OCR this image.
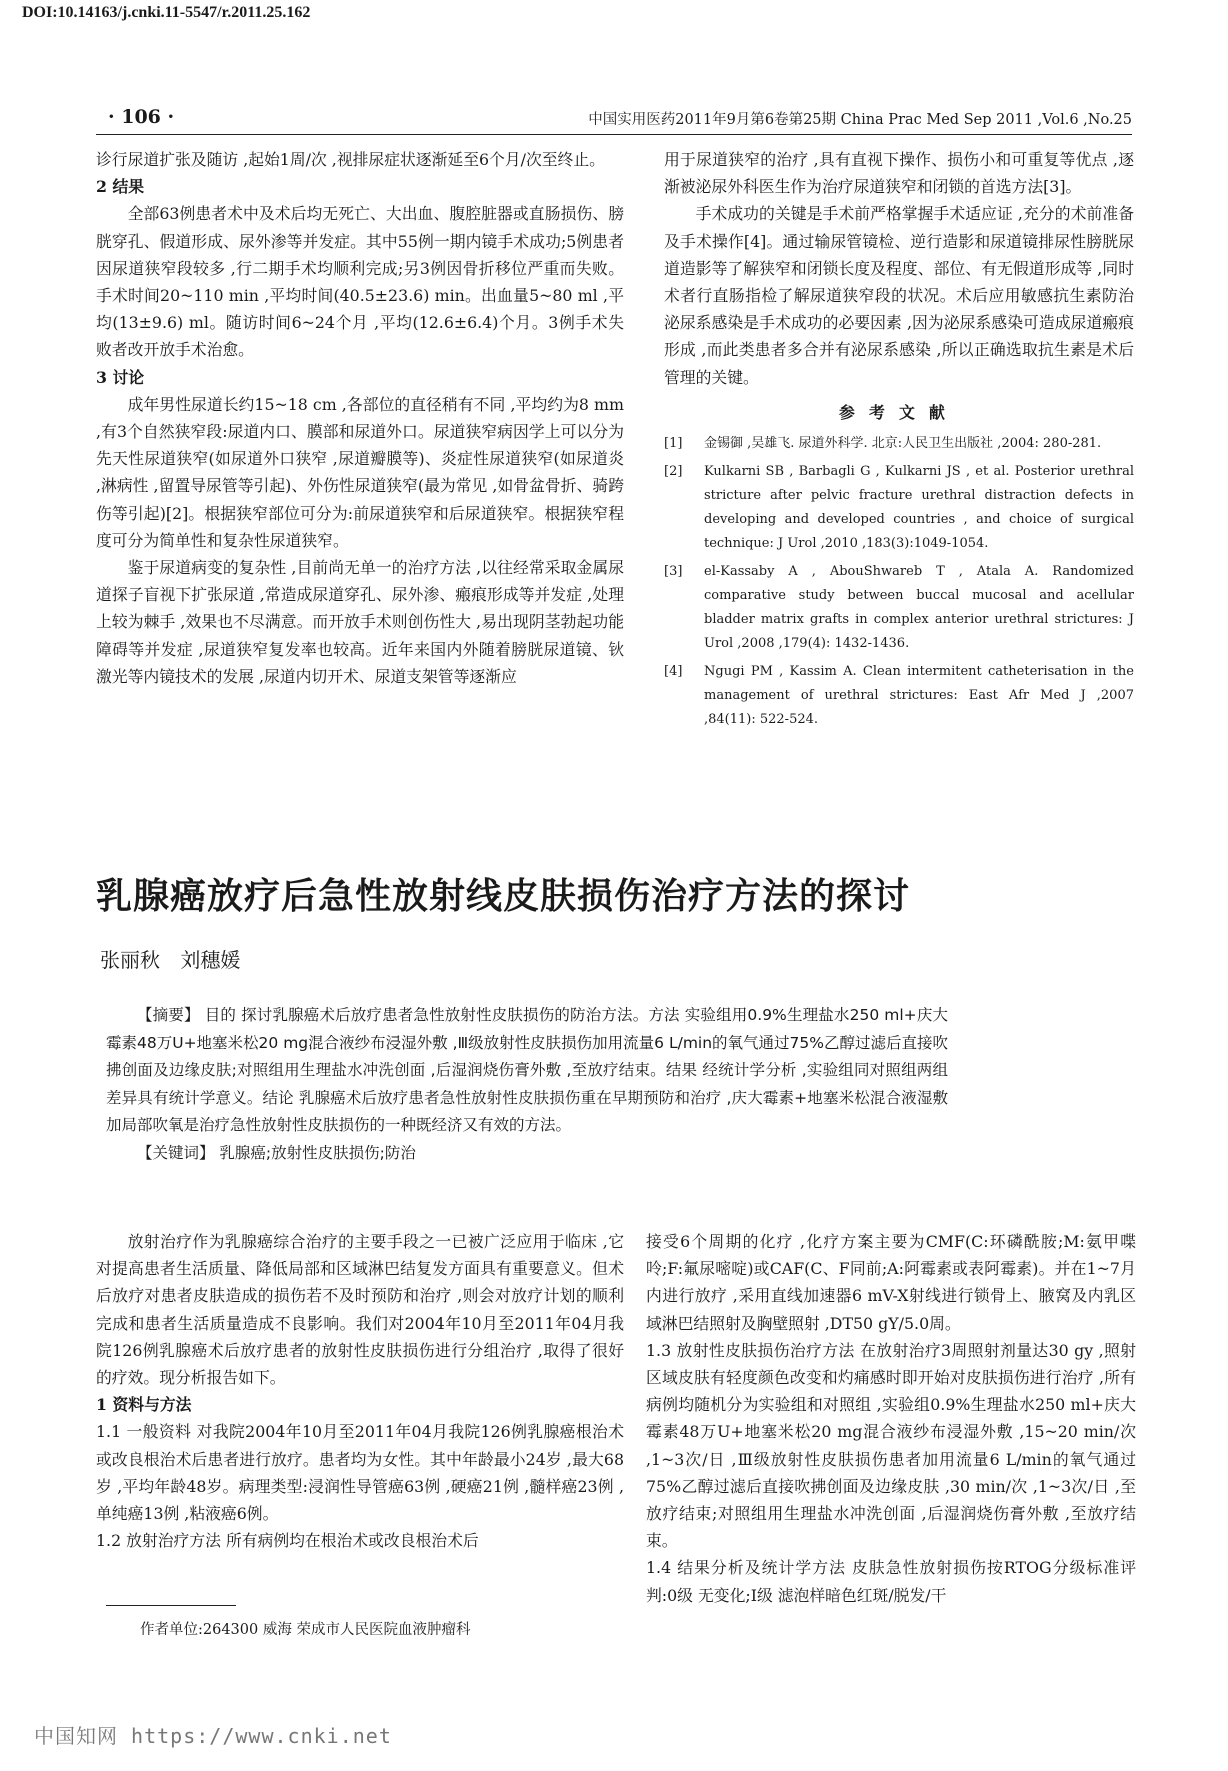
DOI:10.14163/j.cnki.11-5547/r.2011.25.162
· 106 ·	中国实用医药2011年9月第6卷第25期 China Prac Med Sep 2011 ,Vol.6 ,No.25

诊行尿道扩张及随访 ,起始1周/次 ,视排尿症状逐渐延至6个月/次至终止。

2 结果

全部63例患者术中及术后均无死亡、大出血、腹腔脏器或直肠损伤、膀胱穿孔、假道形成、尿外渗等并发症。其中55例一期内镜手术成功;5例患者因尿道狭窄段较多 ,行二期手术均顺利完成;另3例因骨折移位严重而失败。手术时间20~110 min ,平均时间(40.5±23.6) min。出血量5~80 ml ,平均(13±9.6) ml。随访时间6~24个月 ,平均(12.6±6.4)个月。3例手术失败者改开放手术治愈。

3 讨论

成年男性尿道长约15~18 cm ,各部位的直径稍有不同 ,平均约为8 mm ,有3个自然狭窄段:尿道内口、膜部和尿道外口。尿道狭窄病因学上可以分为先天性尿道狭窄(如尿道外口狭窄 ,尿道瓣膜等)、炎症性尿道狭窄(如尿道炎 ,淋病性 ,留置导尿管等引起)、外伤性尿道狭窄(最为常见 ,如骨盆骨折、骑跨伤等引起)[2]。根据狭窄部位可分为:前尿道狭窄和后尿道狭窄。根据狭窄程度可分为简单性和复杂性尿道狭窄。

鉴于尿道病变的复杂性 ,目前尚无单一的治疗方法 ,以往经常采取金属尿道探子盲视下扩张尿道 ,常造成尿道穿孔、尿外渗、瘢痕形成等并发症 ,处理上较为棘手 ,效果也不尽满意。而开放手术则创伤性大 ,易出现阴茎勃起功能障碍等并发症 ,尿道狭窄复发率也较高。近年来国内外随着膀胱尿道镜、钬激光等内镜技术的发展 ,尿道内切开术、尿道支架管等逐渐应

用于尿道狭窄的治疗 ,具有直视下操作、损伤小和可重复等优点 ,逐渐被泌尿外科医生作为治疗尿道狭窄和闭锁的首选方法[3]。

手术成功的关键是手术前严格掌握手术适应证 ,充分的术前准备及手术操作[4]。通过输尿管镜检、逆行造影和尿道镜排尿性膀胱尿道造影等了解狭窄和闭锁长度及程度、部位、有无假道形成等 ,同时术者行直肠指检了解尿道狭窄段的状况。术后应用敏感抗生素防治泌尿系感染是手术成功的必要因素 ,因为泌尿系感染可造成尿道瘢痕形成 ,而此类患者多合并有泌尿系感染 ,所以正确选取抗生素是术后管理的关键。

参考文献

[1]	金锡御 ,吴雄飞. 尿道外科学. 北京:人民卫生出版社 ,2004: 280-281.
[2]	Kulkarni SB , Barbagli G , Kulkarni JS , et al. Posterior urethral stricture after pelvic fracture urethral distraction defects in developing and developed countries , and choice of surgical technique: J Urol ,2010 ,183(3):1049-1054.
[3]	el-Kassaby A , AbouShwareb T , Atala A. Randomized comparative study between buccal mucosal and acellular bladder matrix grafts in complex anterior urethral strictures: J Urol ,2008 ,179(4): 1432-1436.
[4]	Ngugi PM , Kassim A. Clean intermitent catheterisation in the management of urethral strictures: East Afr Med J ,2007 ,84(11): 522-524.
乳腺癌放疗后急性放射线皮肤损伤治疗方法的探讨
张丽秋 刘穗媛

【摘要】 目的 探讨乳腺癌术后放疗患者急性放射性皮肤损伤的防治方法。方法 实验组用0.9%生理盐水250 ml+庆大霉素48万U+地塞米松20 mg混合液纱布浸湿外敷 ,Ⅲ级放射性皮肤损伤加用流量6 L/min的氧气通过75%乙醇过滤后直接吹拂创面及边缘皮肤;对照组用生理盐水冲洗创面 ,后湿润烧伤膏外敷 ,至放疗结束。结果 经统计学分析 ,实验组同对照组两组差异具有统计学意义。结论 乳腺癌术后放疗患者急性放射性皮肤损伤重在早期预防和治疗 ,庆大霉素+地塞米松混合液湿敷加局部吹氧是治疗急性放射性皮肤损伤的一种既经济又有效的方法。

【关键词】 乳腺癌;放射性皮肤损伤;防治

放射治疗作为乳腺癌综合治疗的主要手段之一已被广泛应用于临床 ,它对提高患者生活质量、降低局部和区域淋巴结复发方面具有重要意义。但术后放疗对患者皮肤造成的损伤若不及时预防和治疗 ,则会对放疗计划的顺利完成和患者生活质量造成不良影响。我们对2004年10月至2011年04月我院126例乳腺癌术后放疗患者的放射性皮肤损伤进行分组治疗 ,取得了很好的疗效。现分析报告如下。

1 资料与方法

1.1 一般资料 对我院2004年10月至2011年04月我院126例乳腺癌根治术或改良根治术后患者进行放疗。患者均为女性。其中年龄最小24岁 ,最大68岁 ,平均年龄48岁。病理类型:浸润性导管癌63例 ,硬癌21例 ,髓样癌23例 ,单纯癌13例 ,粘液癌6例。

1.2 放射治疗方法 所有病例均在根治术或改良根治术后

接受6个周期的化疗 ,化疗方案主要为CMF(C:环磷酰胺;M:氨甲喋呤;F:氟尿嘧啶)或CAF(C、F同前;A:阿霉素或表阿霉素)。并在1~7月内进行放疗 ,采用直线加速器6 mV-X射线进行锁骨上、腋窝及内乳区域淋巴结照射及胸壁照射 ,DT50 gY/5.0周。

1.3 放射性皮肤损伤治疗方法 在放射治疗3周照射剂量达30 gy ,照射区域皮肤有轻度颜色改变和灼痛感时即开始对皮肤损伤进行治疗 ,所有病例均随机分为实验组和对照组 ,实验组0.9%生理盐水250 ml+庆大霉素48万U+地塞米松20 mg混合液纱布浸湿外敷 ,15~20 min/次 ,1~3次/日 ,Ⅲ级放射性皮肤损伤患者加用流量6 L/min的氧气通过75%乙醇过滤后直接吹拂创面及边缘皮肤 ,30 min/次 ,1~3次/日 ,至放疗结束;对照组用生理盐水冲洗创面 ,后湿润烧伤膏外敷 ,至放疗结束。

1.4 结果分析及统计学方法 皮肤急性放射损伤按RTOG分级标准评判:0级 无变化;Ⅰ级 滤泡样暗色红斑/脱发/干

作者单位:264300 威海 荣成市人民医院血液肿瘤科
中国知网 https://www.cnki.net
